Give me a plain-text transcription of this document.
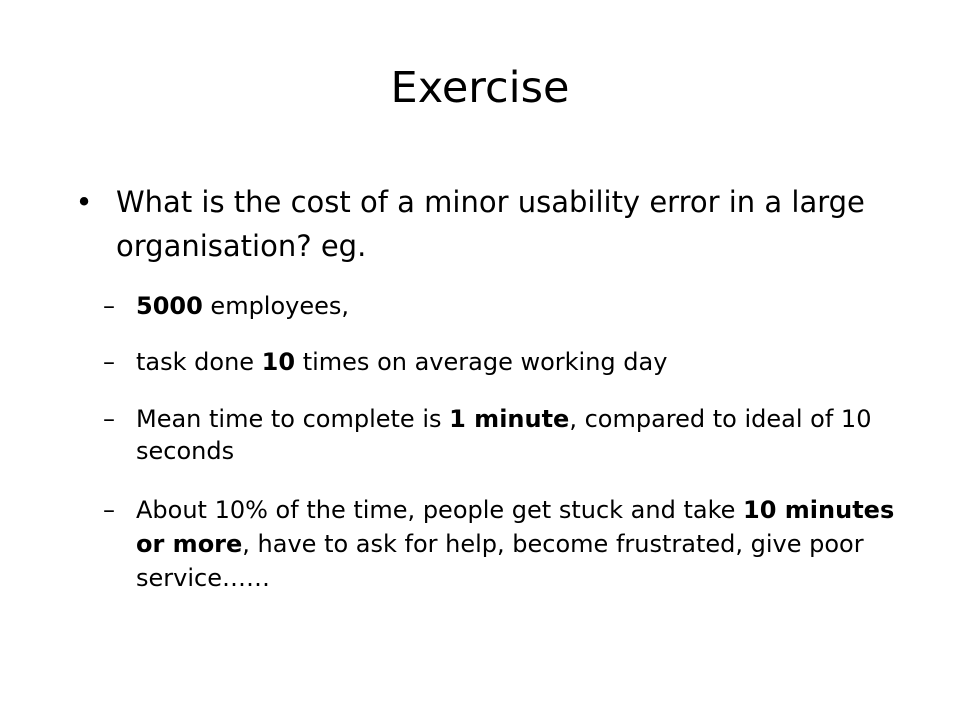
Exercise
• What is the cost of a minor usability error in a large organisation? eg.
– 5000 employees,
– task done 10 times on average working day
– Mean time to complete is 1 minute, compared to ideal of 10 seconds
– About 10% of the time, people get stuck and take 10 minutes or more, have to ask for help, become frustrated, give poor service……
